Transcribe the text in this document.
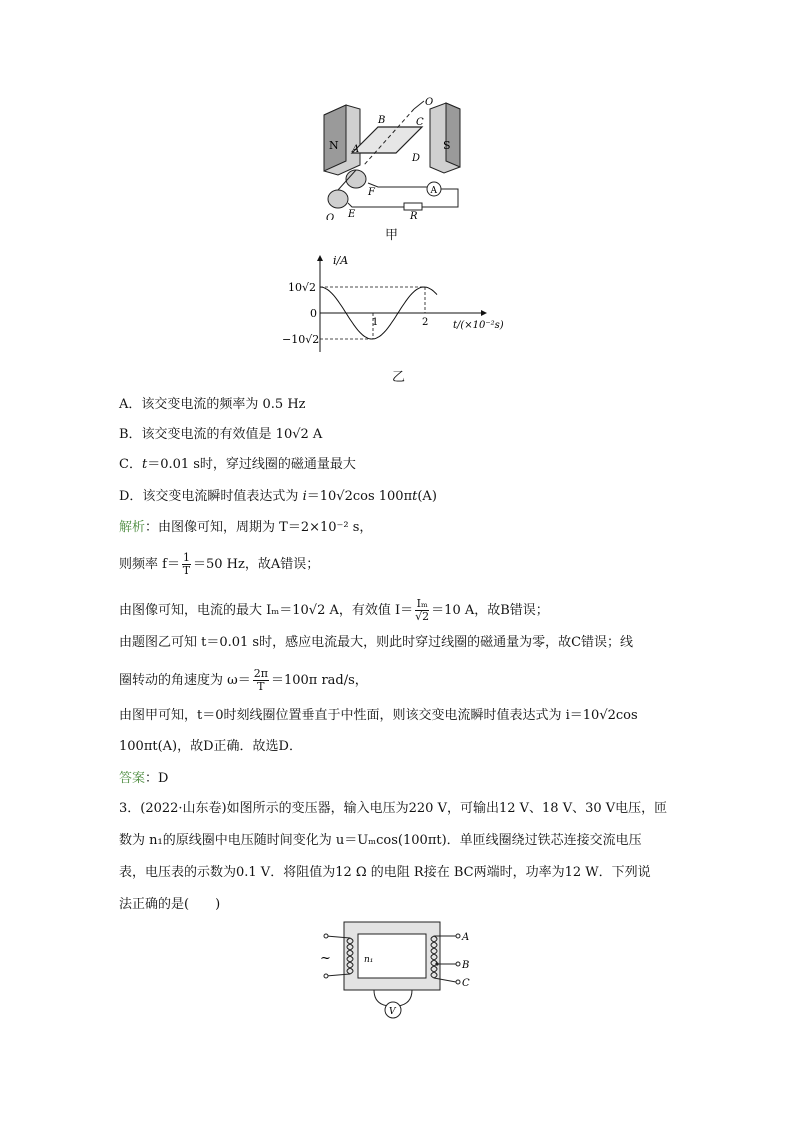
O
B	C
A
D
N	S
F
E	R
O
A
甲
i/A
t/(×10⁻²s)
10√2
0
−10√2
1	2
乙
A．该交变电流的频率为 0.5 Hz
B．该交变电流的有效值是 10√2 A
C．t＝0.01 s时，穿过线圈的磁通量最大
D．该交变电流瞬时值表达式为 i＝10√2cos 100πt(A)
解析：由图像可知，周期为 T＝2×10⁻² s，
则频率 $f= \frac{1}{T} =50$ Hz，故A错误；
由图像可知，电流的最大 Iₘ＝10√2 A，有效值 $I= \frac{\text{Iₘ}}{√2} =10$ A，故B错误；
由题图乙可知 t＝0.01 s时，感应电流最大，则此时穿过线圈的磁通量为零，故C错误；线
圈转动的角速度为 $\omega= \frac{2\pi}{T} =100\pi$ rad/s，
由图甲可知，t＝0时刻线圈位置垂直于中性面，则该交变电流瞬时值表达式为 i＝10√2cos
100πt(A)，故D正确．故选D．
答案：D
3．(2022·山东卷)如图所示的变压器，输入电压为220 V，可输出12 V、18 V、30 V电压，匝
数为 n₁的原线圈中电压随时间变化为 u＝Uₘcos(100πt)．单匝线圈绕过铁芯连接交流电压
表，电压表的示数为0.1 V．将阻值为12 Ω 的电阻 R接在 BC两端时，功率为12 W．下列说
法正确的是(　　)
~	n₁
A
B
C
V
